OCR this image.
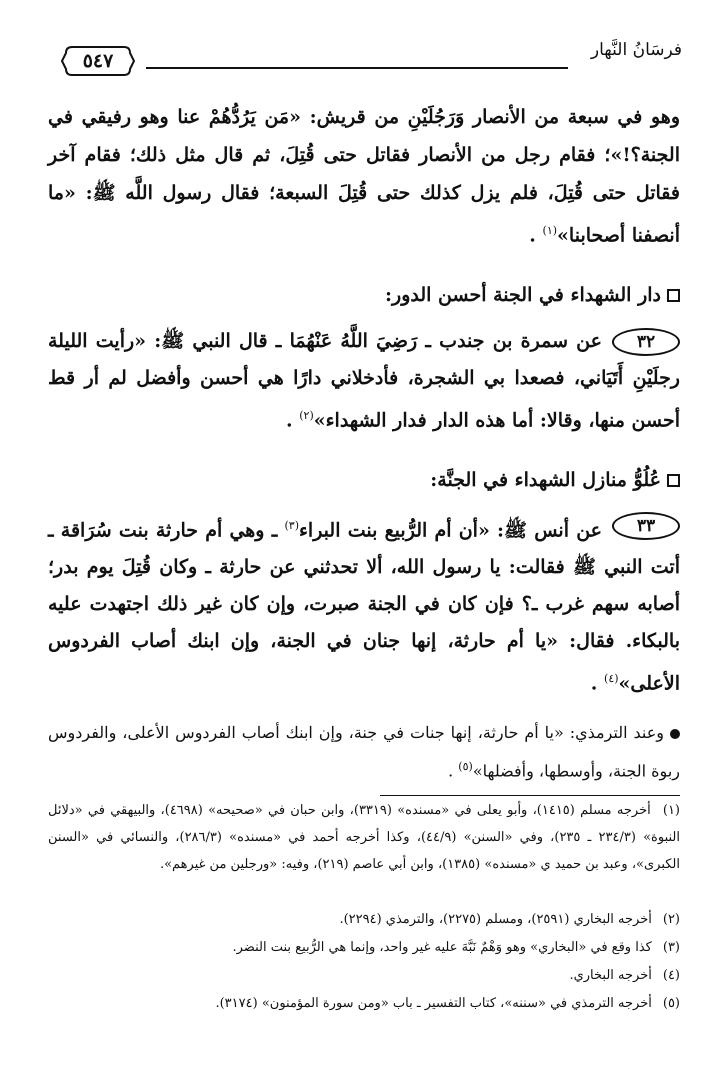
فرسَانُ النَّهار
٥٤٧
وهو في سبعة من الأنصار وَرَجُلَيْنِ من قريش: «مَن يَرُدُّهُمْ عنا وهو رفيقي في الجنة؟!»؛ فقام رجل من الأنصار فقاتل حتى قُتِلَ، ثم قال مثل ذلك؛ فقام آخر فقاتل حتى قُتِلَ، فلم يزل كذلك حتى قُتِلَ السبعة؛ فقال رسول اللَّه ﷺ: «ما أنصفنا أصحابنا»$^{(١)}$ .
دار الشهداء في الجنة أحسن الدور:
٣٢
عن سمرة بن جندب ـ رَضِيَ اللَّهُ عَنْهُمَا ـ قال النبي ﷺ: «رأيت الليلة رجلَيْنِ أَتَيَاني، فصعدا بي الشجرة، فأدخلاني دارًا هي أحسن وأفضل لم أر قط أحسن منها، وقالا: أما هذه الدار فدار الشهداء»$^{(٢)}$ .
عُلُوُّ منازل الشهداء في الجنَّة:
٣٣
عن أنس ﷺ: «أن أم الرُّبيع بنت البراء$^{(٣)}$ ـ وهي أم حارثة بنت سُرَاقة ـ أتت النبي ﷺ فقالت: يا رسول الله، ألا تحدثني عن حارثة ـ وكان قُتِلَ يوم بدر؛ أصابه سهم غرب ـ؟ فإن كان في الجنة صبرت، وإن كان غير ذلك اجتهدت عليه بالبكاء. فقال: «يا أم حارثة، إنها جنان في الجنة، وإن ابنك أصاب الفردوس الأعلى»$^{(٤)}$ .
وعند الترمذي: «يا أم حارثة، إنها جنات في جنة، وإن ابنك أصاب الفردوس الأعلى، والفردوس ربوة الجنة، وأوسطها، وأفضلها»$^{(٥)}$ .
(١) أخرجه مسلم (١٤١٥)، وأبو يعلى في «مسنده» (٣٣١٩)، وابن حبان في «صحيحه» (٤٦٩٨)، والبيهقي في «دلائل النبوة» (٢٣٤/٣ ـ ٢٣٥)، وفي «السنن» (٤٤/٩)، وكذا أخرجه أحمد في «مسنده» (٢٨٦/٣)، والنسائي في «السنن الكبرى»، وعبد بن حميد ي «مسنده» (١٣٨٥)، وابن أبي عاصم (٢١٩)، وفيه: «ورجلين من غيرهم».
(٢) أخرجه البخاري (٢٥٩١)، ومسلم (٢٢٧٥)، والترمذي (٢٢٩٤).
(٣) كذا وقع في «البخاري» وهو وَهْمٌ نَبَّهَ عليه غير واحد، وإنما هي الرُّبيع بنت النضر.
(٤) أخرجه البخاري.
(٥) أخرجه الترمذي في «سننه»، كتاب التفسير ـ باب «ومن سورة المؤمنون» (٣١٧٤).
